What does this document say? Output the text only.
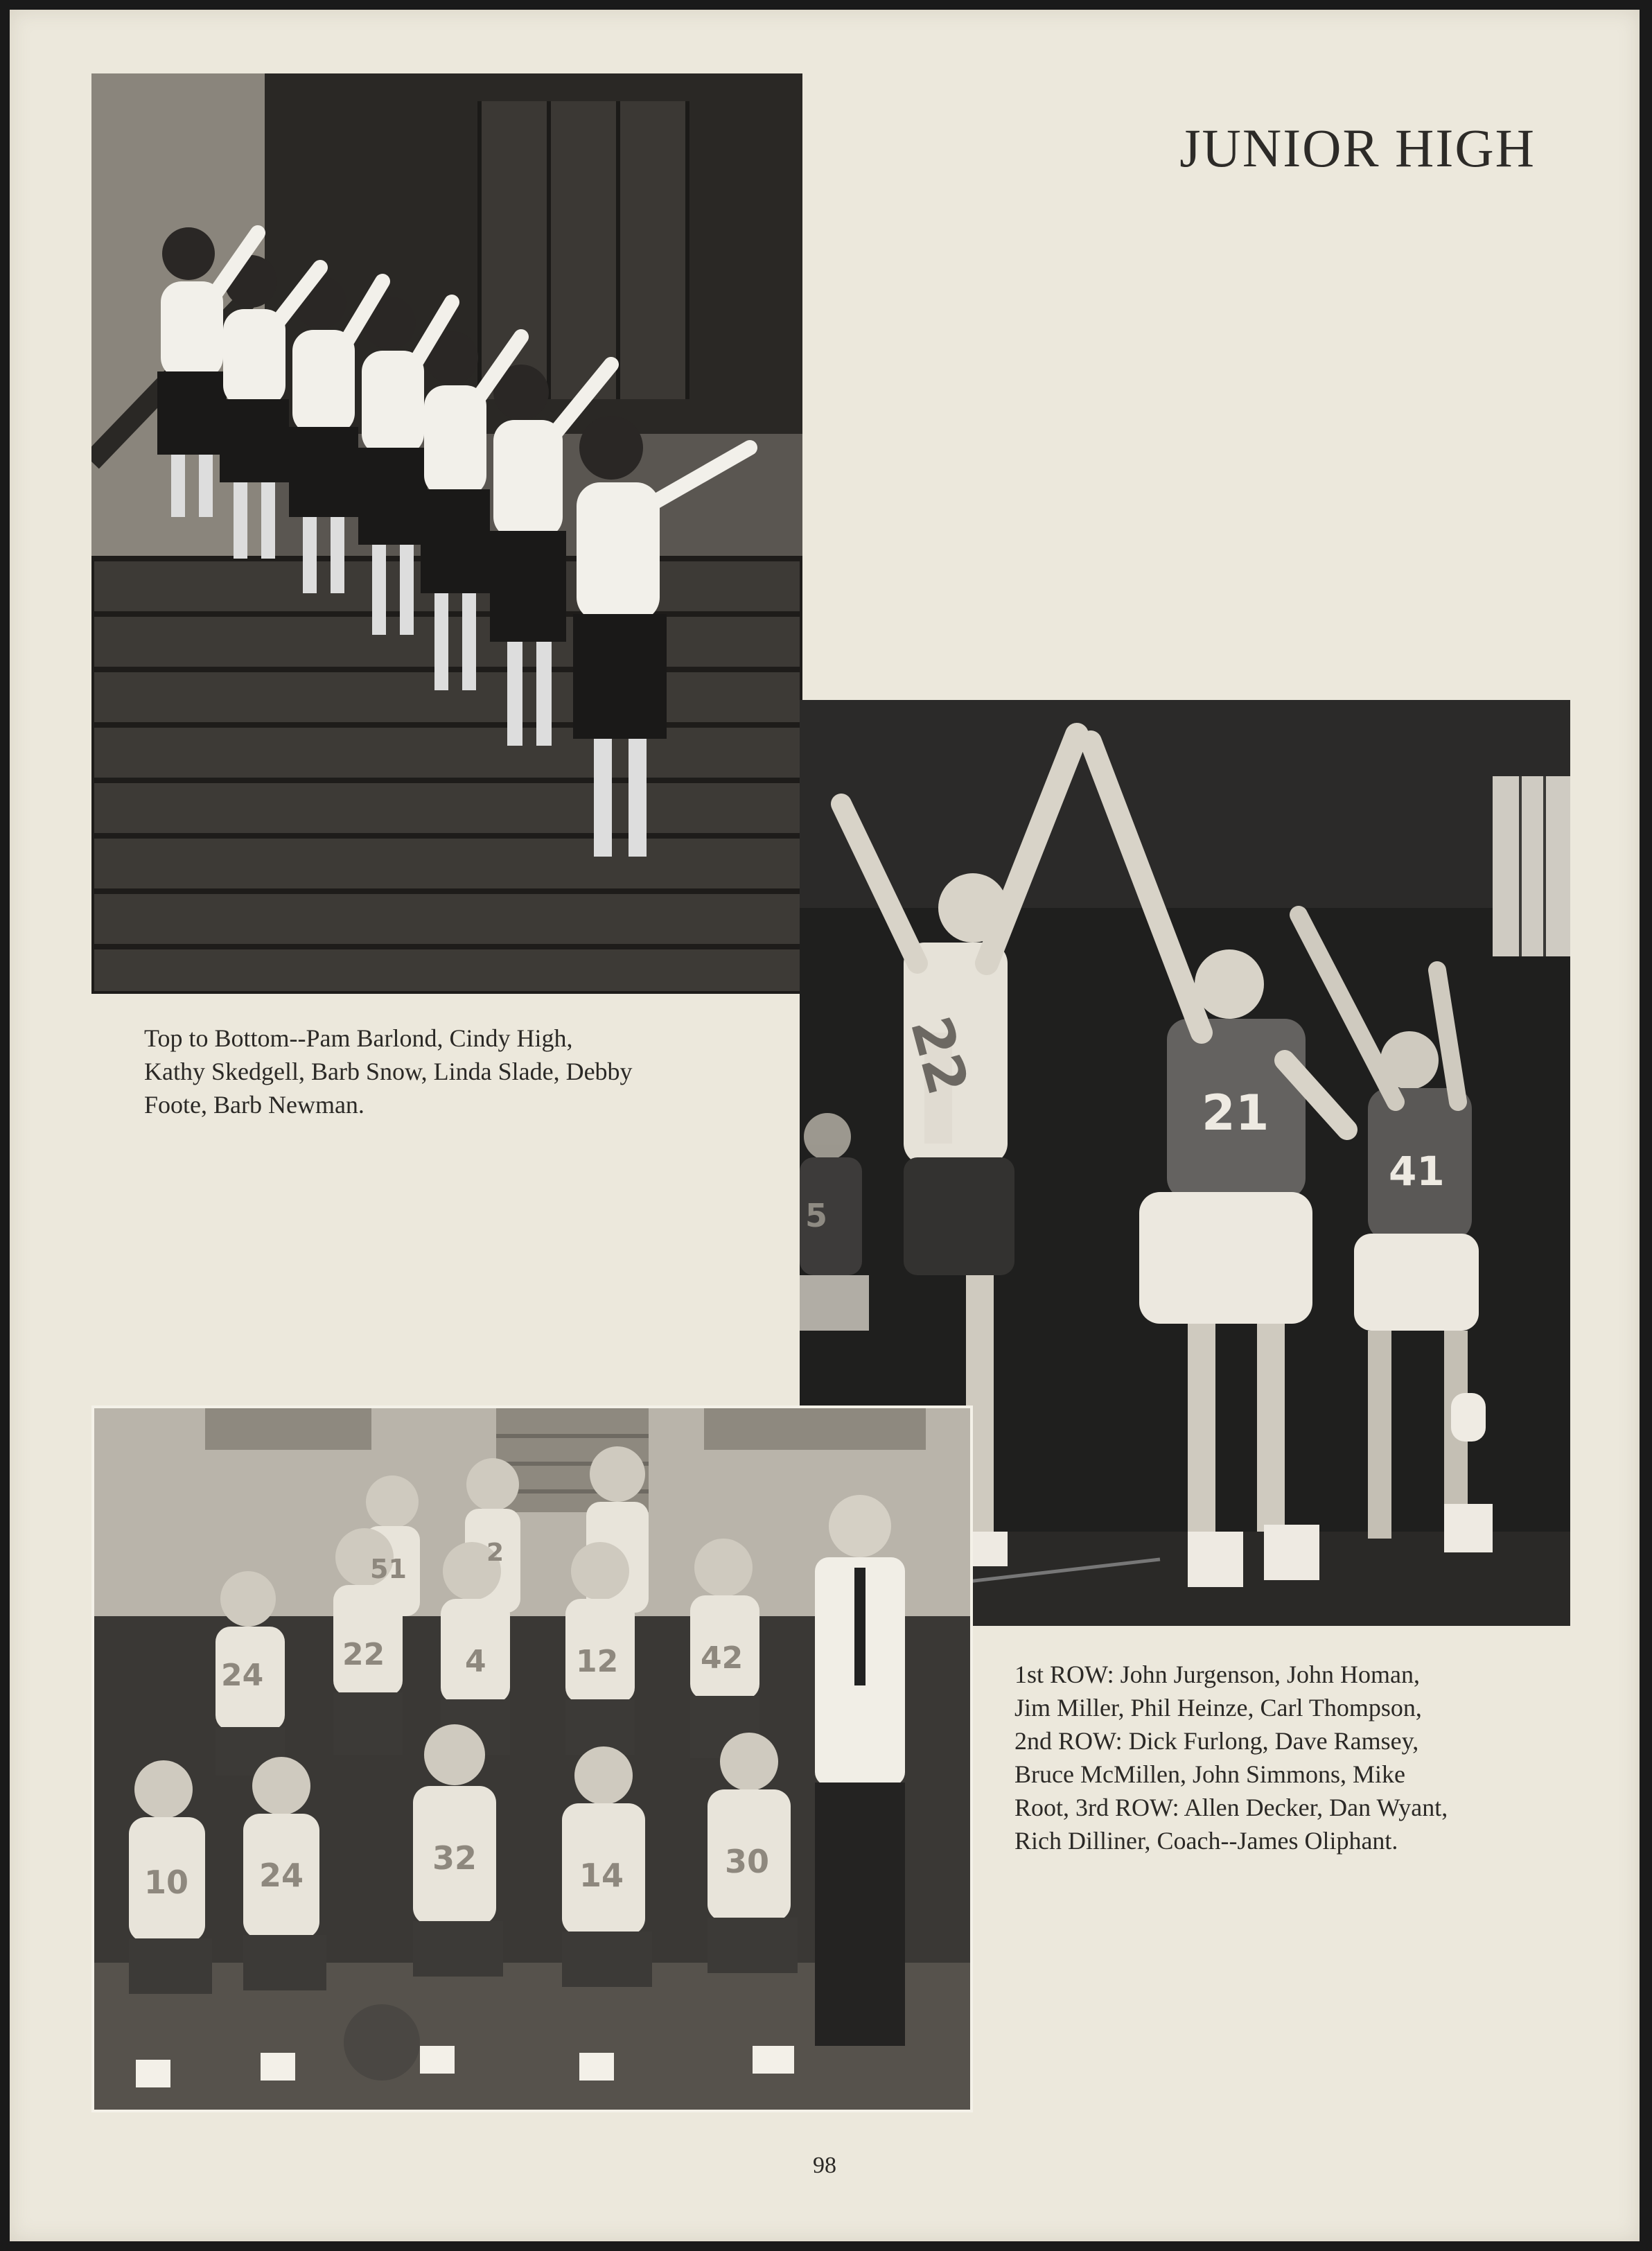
JUNIOR HIGH

Top to Bottom--Pam Barlond, Cindy High,
Kathy Skedgell, Barb Snow, Linda Slade, Debby
Foote, Barb Newman.

22
21
41
5
51
2
24
22	4	12	42
10 24	32	14	30

1st ROW: John Jurgenson, John Homan,
Jim Miller, Phil Heinze, Carl Thompson,
2nd ROW: Dick Furlong, Dave Ramsey,
Bruce McMillen, John Simmons, Mike
Root, 3rd ROW: Allen Decker, Dan Wyant,
Rich Dilliner, Coach--James Oliphant.

98
